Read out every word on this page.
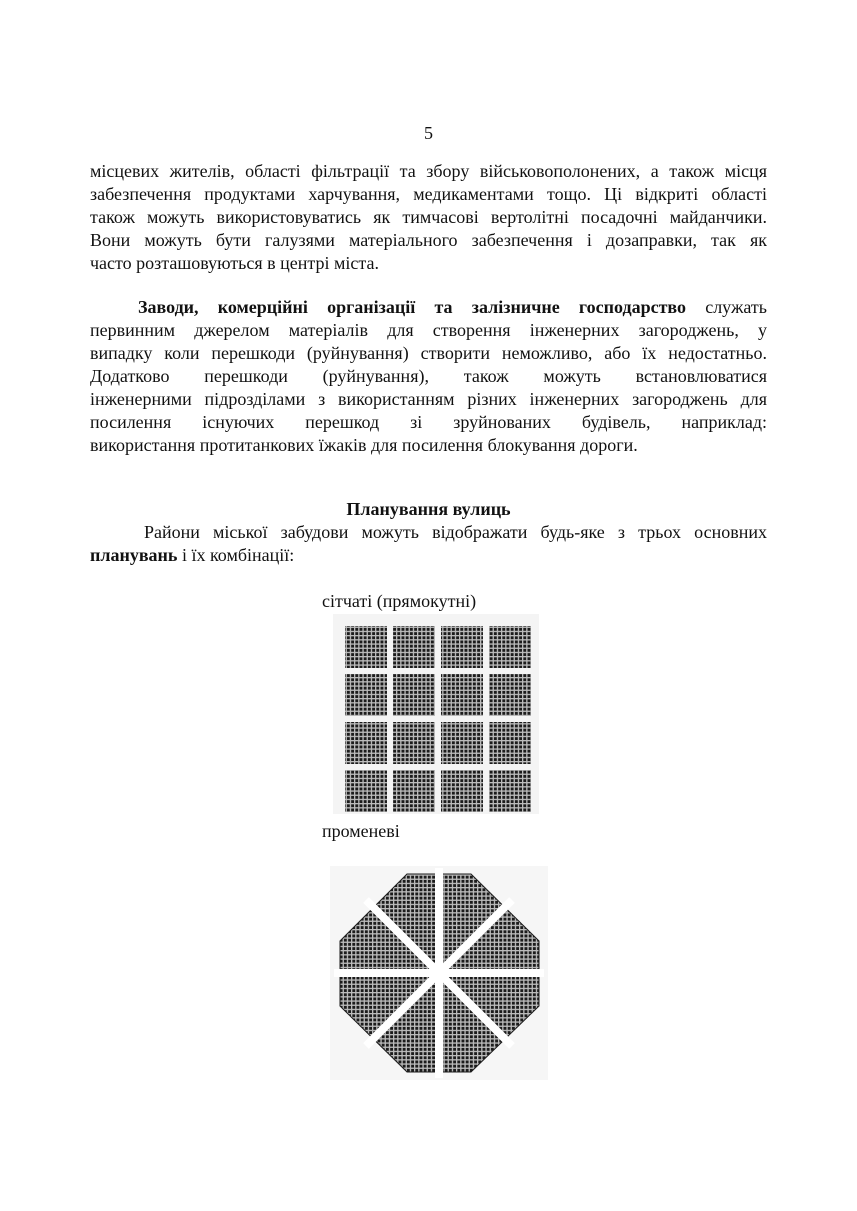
5
місцевих жителів, області фільтрації та збору військовополонених, а також місця
забезпечення продуктами харчування, медикаментами тощо. Ці відкриті області
також можуть використовуватись як тимчасові вертолітні посадочні майданчики.
Вони можуть бути галузями матеріального забезпечення і дозаправки, так як
часто розташовуються в центрі міста.
Заводи, комерційні організації та залізничне господарство служать
первинним джерелом матеріалів для створення інженерних загороджень, у
випадку коли перешкоди (руйнування) створити неможливо, або їх недостатньо.
Додатково перешкоди (руйнування), також можуть встановлюватися
інженерними підрозділами з використанням різних інженерних загороджень для
посилення існуючих перешкод зі зруйнованих будівель, наприклад:
використання протитанкових їжаків для посилення блокування дороги.
Планування вулиць
Райони міської забудови можуть відображати будь-яке з трьох основних
планувань і їх комбінації:
сітчаті (прямокутні)
променеві
